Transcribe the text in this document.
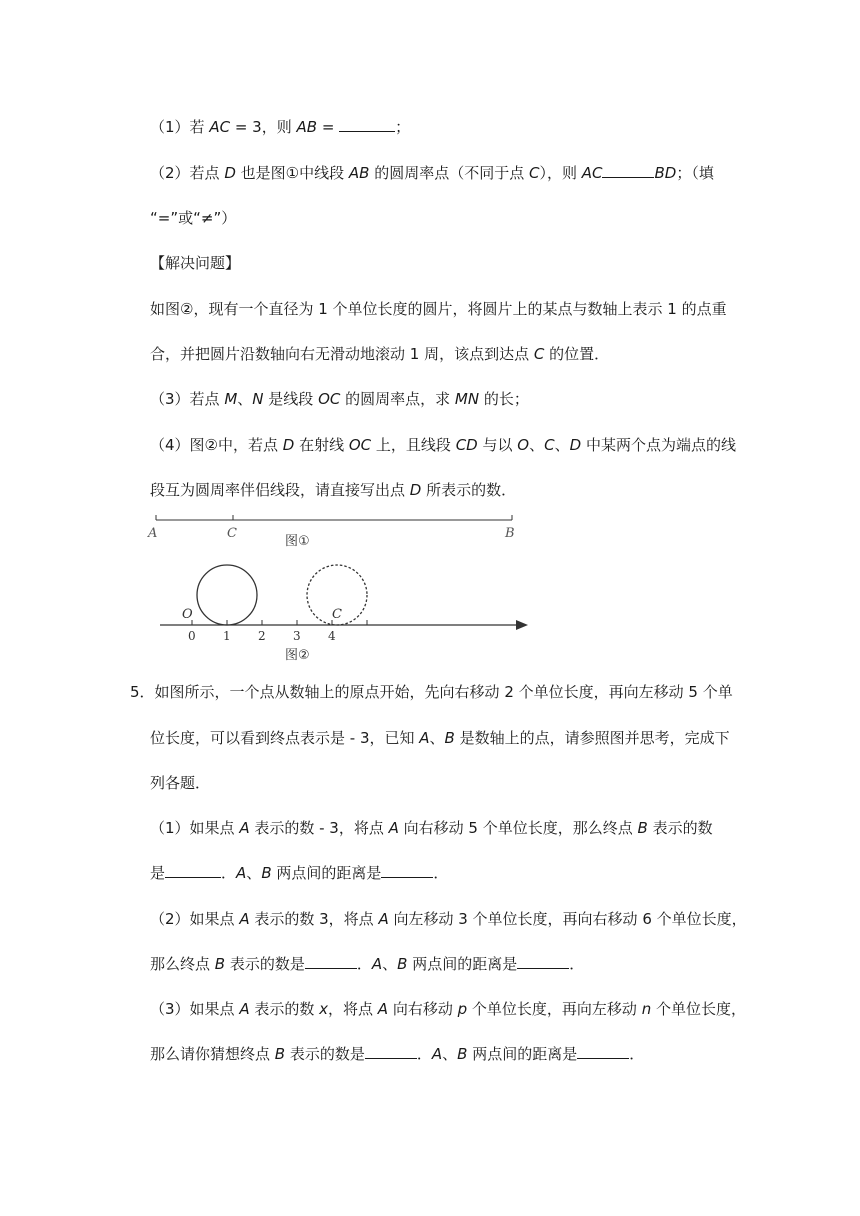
（1）若 AC = 3，则 AB =	；
（2）若点 D 也是图①中线段 AB 的圆周率点（不同于点 C），则 AC	BD；（填
“=”或“≠”）
【解决问题】
如图②，现有一个直径为 1 个单位长度的圆片，将圆片上的某点与数轴上表示 1 的点重
合，并把圆片沿数轴向右无滑动地滚动 1 周，该点到达点 C 的位置．
（3）若点 M、N 是线段 OC 的圆周率点，求 MN 的长；
（4）图②中，若点 D 在射线 OC 上，且线段 CD 与以 O、C、D 中某两个点为端点的线
段互为圆周率伴侣线段，请直接写出点 D 所表示的数．
A	C	B
图①
O	C
0 1 2 3 4
图②
5．如图所示，一个点从数轴上的原点开始，先向右移动 2 个单位长度，再向左移动 5 个单
位长度，可以看到终点表示是 - 3，已知 A、B 是数轴上的点，请参照图并思考，完成下
列各题．
（1）如果点 A 表示的数 - 3，将点 A 向右移动 5 个单位长度，那么终点 B 表示的数
是	．A、B 两点间的距离是	．
（2）如果点 A 表示的数 3，将点 A 向左移动 3 个单位长度，再向右移动 6 个单位长度，
那么终点 B 表示的数是	．A、B 两点间的距离是	．
（3）如果点 A 表示的数 x，将点 A 向右移动 p 个单位长度，再向左移动 n 个单位长度，
那么请你猜想终点 B 表示的数是	．A、B 两点间的距离是	．
